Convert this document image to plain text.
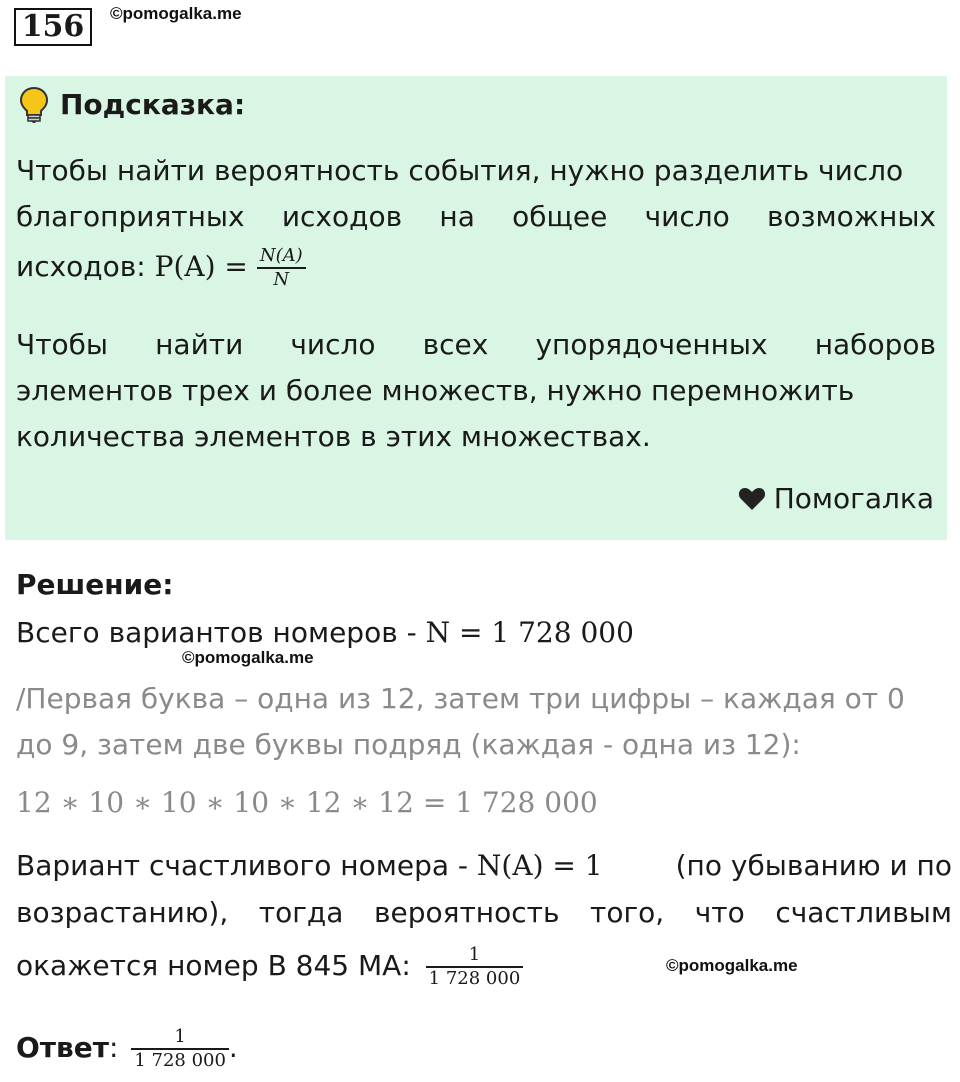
156	©pomogalka.me
Подсказка:
Чтобы найти вероятность события, нужно разделить число
благоприятных исходов на общее число возможных
исходов: $P(A) = \frac{N(A)}{N}$
Чтобы найти число всех упорядоченных наборов
элементов трех и более множеств, нужно перемножить
количества элементов в этих множествах.
Помогалка
Решение:
Всего вариантов номеров - N = 1 728 000
©pomogalka.me
/Первая буква – одна из 12, затем три цифры – каждая от 0
до 9, затем две буквы подряд (каждая - одна из 12):
12 ∗ 10 ∗ 10 ∗ 10 ∗ 12 ∗ 12 = 1 728 000
Вариант счастливого номера - N(A) = 1	(по убыванию и по
возрастанию), тогда вероятность того, что счастливым
окажется номер В 845 МА: $\frac{1}{1 728 000}$	©pomogalka.me
Ответ: $\frac{1}{1 728 000}$ .
